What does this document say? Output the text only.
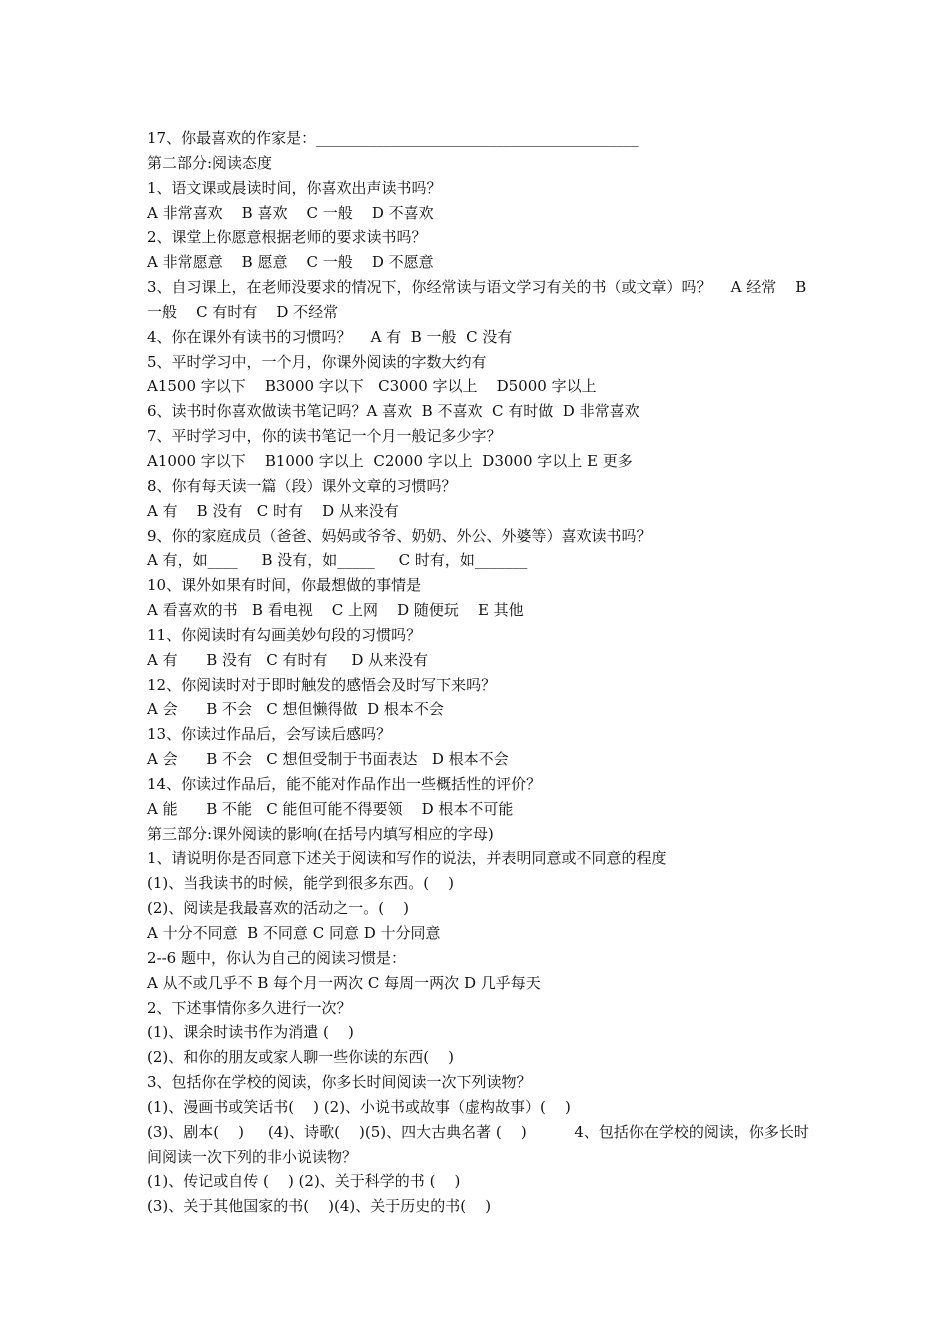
17、你最喜欢的作家是：___________________________________________
第二部分:阅读态度
1、语文课或晨读时间，你喜欢出声读书吗？
A 非常喜欢    B 喜欢    C 一般    D 不喜欢
2、课堂上你愿意根据老师的要求读书吗？
A 非常愿意    B 愿意    C 一般    D 不愿意
3、自习课上，在老师没要求的情况下，你经常读与语文学习有关的书（或文章）吗？    A 经常    B 一般    C 有时有    D 不经常
4、你在课外有读书的习惯吗？    A 有  B 一般  C 没有
5、平时学习中，一个月，你课外阅读的字数大约有
A1500 字以下    B3000 字以下   C3000 字以上    D5000 字以上
6、读书时你喜欢做读书笔记吗？A 喜欢  B 不喜欢  C 有时做  D 非常喜欢
7、平时学习中，你的读书笔记一个月一般记多少字？
A1000 字以下    B1000 字以上  C2000 字以上  D3000 字以上 E 更多
8、你有每天读一篇（段）课外文章的习惯吗？
A 有    B 没有   C 时有    D 从来没有
9、你的家庭成员（爸爸、妈妈或爷爷、奶奶、外公、外婆等）喜欢读书吗？
A 有，如____     B 没有，如_____     C 时有，如_______
10、课外如果有时间，你最想做的事情是
A 看喜欢的书   B 看电视    C 上网    D 随便玩    E 其他
11、你阅读时有勾画美妙句段的习惯吗？
A 有      B 没有   C 有时有     D 从来没有
12、你阅读时对于即时触发的感悟会及时写下来吗？
A 会      B 不会   C 想但懒得做  D 根本不会
13、你读过作品后，会写读后感吗？
A 会      B 不会   C 想但受制于书面表达   D 根本不会
14、你读过作品后，能不能对作品作出一些概括性的评价？
A 能      B 不能   C 能但可能不得要领    D 根本不可能
第三部分:课外阅读的影响(在括号内填写相应的字母)
1、请说明你是否同意下述关于阅读和写作的说法，并表明同意或不同意的程度
(1)、当我读书的时候，能学到很多东西。(    )
(2)、阅读是我最喜欢的活动之一。(    )
A 十分不同意  B 不同意 C 同意 D 十分同意
2--6 题中，你认为自己的阅读习惯是：
A 从不或几乎不 B 每个月一两次 C 每周一两次 D 几乎每天
2、下述事情你多久进行一次？
(1)、课余时读书作为消遣 (    )
(2)、和你的朋友或家人聊一些你读的东西(    )
3、包括你在学校的阅读，你多长时间阅读一次下列读物？
(1)、漫画书或笑话书(    ) (2)、小说书或故事（虚构故事）(    )
(3)、剧本(    )     (4)、诗歌(    )(5)、四大古典名著 (    )          4、包括你在学校的阅读，你多长时间阅读一次下列的非小说读物？
(1)、传记或自传 (    ) (2)、关于科学的书 (    )
(3)、关于其他国家的书(    )(4)、关于历史的书(    )
